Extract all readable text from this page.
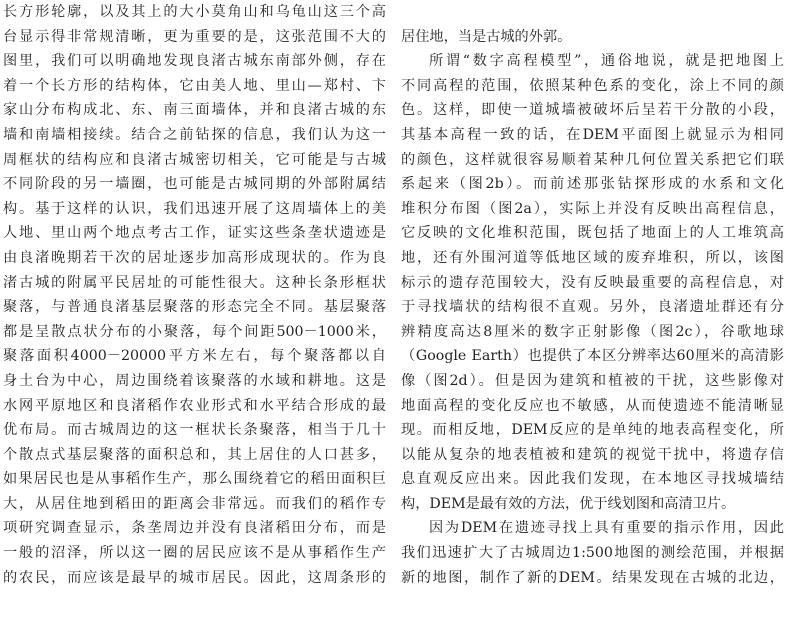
长方形轮廓，以及其上的大小莫角山和乌龟山这三个高
台显示得非常规清晰，更为重要的是，这张范围不大的
图里，我们可以明确地发现良渚古城东南部外侧，存在
着一个长方形的结构体，它由美人地、里山—郑村、卞
家山分布构成北、东、南三面墙体，并和良渚古城的东
墙和南墙相接续。结合之前钻探的信息，我们认为这一
周框状的结构应和良渚古城密切相关，它可能是与古城
不同阶段的另一墙圈，也可能是古城同期的外部附属结
构。基于这样的认识，我们迅速开展了这周墙体上的美
人地、里山两个地点考古工作，证实这些条垄状遗迹是
由良渚晚期若干次的居址逐步加高形成现状的。作为良
渚古城的附属平民居址的可能性很大。这种长条形框状
聚落，与普通良渚基层聚落的形态完全不同。基层聚落
都是呈散点状分布的小聚落，每个间距500－1000米，
聚落面积4000－20000平方米左右，每个聚落都以自
身土台为中心，周边围绕着该聚落的水域和耕地。这是
水网平原地区和良渚稻作农业形式和水平结合形成的最
优布局。而古城周边的这一框状长条聚落，相当于几十
个散点式基层聚落的面积总和，其上居住的人口甚多，
如果居民也是从事稻作生产，那么围绕着它的稻田面积巨
大，从居住地到稻田的距离会非常远。而我们的稻作专
项研究调查显示，条垄周边并没有良渚稻田分布，而是
一般的沼泽，所以这一圈的居民应该不是从事稻作生产
的农民，而应该是最早的城市居民。因此，这周条形的
居住地，当是古城的外郭。
所谓“数字高程模型”，通俗地说，就是把地图上
不同高程的范围，依照某种色系的变化，涂上不同的颜
色。这样，即使一道城墙被破坏后呈若干分散的小段，
其基本高程一致的话，在DEM平面图上就显示为相同
的颜色，这样就很容易顺着某种几何位置关系把它们联
系起来（图2b）。而前述那张钻探形成的水系和文化
堆积分布图（图2a），实际上并没有反映出高程信息，
它反映的文化堆积范围，既包括了地面上的人工堆筑高
地，还有外围河道等低地区域的废弃堆积，所以，该图
标示的遗存范围较大，没有反映最重要的高程信息，对
于寻找墙状的结构很不直观。另外，良渚遗址群还有分
辨精度高达8厘米的数字正射影像（图2c），谷歌地球
（Google Earth）也提供了本区分辨率达60厘米的高清影
像（图2d）。但是因为建筑和植被的干扰，这些影像对
地面高程的变化反应也不敏感，从而使遗迹不能清晰显
现。而相反地，DEM反应的是单纯的地表高程变化，所
以能从复杂的地表植被和建筑的视觉干扰中，将遗存信
息直观反应出来。因此我们发现，在本地区寻找城墙结
构，DEM是最有效的方法，优于线划图和高清卫片。
因为DEM在遗迹寻找上具有重要的指示作用，因此
我们迅速扩大了古城周边1:500地图的测绘范围，并根据
新的地图，制作了新的DEM。结果发现在古城的北边，
